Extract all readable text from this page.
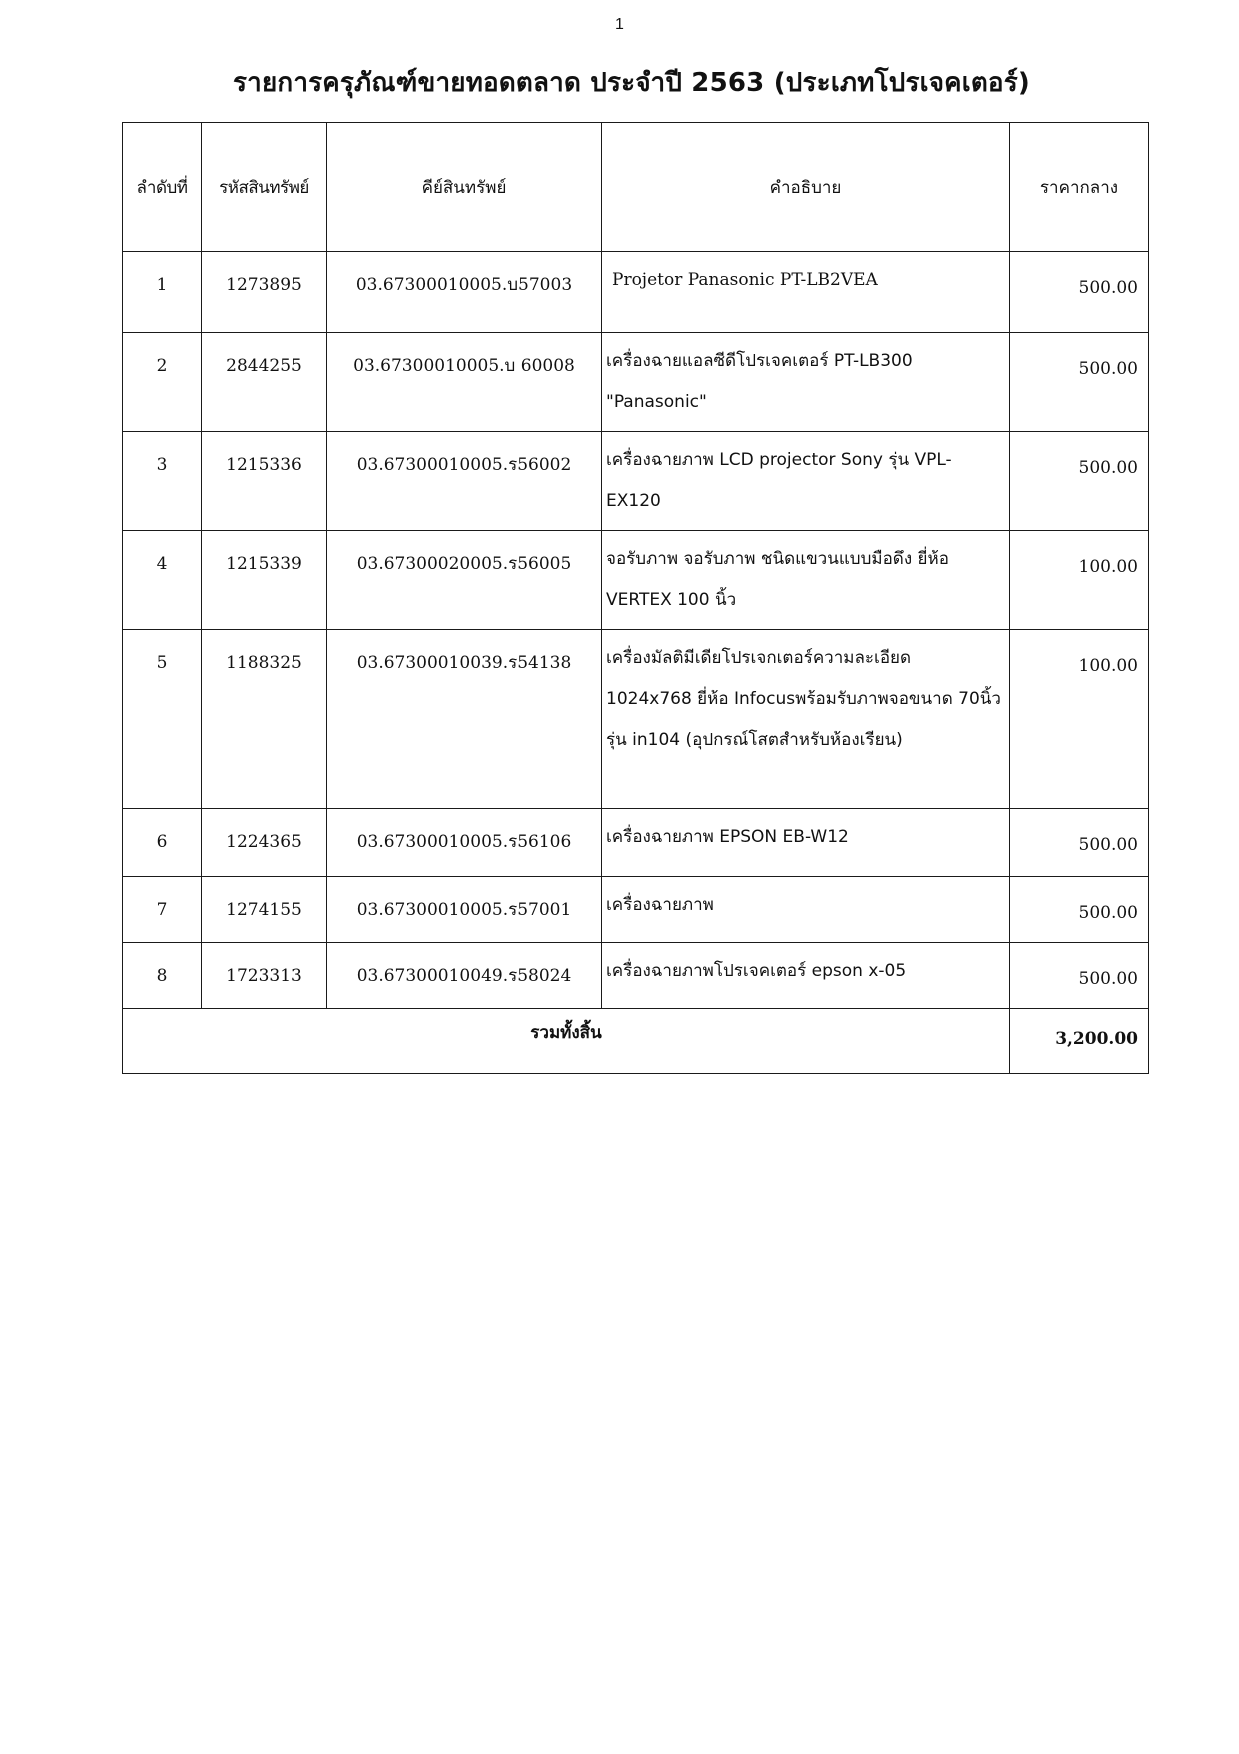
1
รายการครุภัณฑ์ขายทอดตลาด ประจำปี 2563 (ประเภทโปรเจคเตอร์)
ลำดับที่	รหัสสินทรัพย์	คีย์สินทรัพย์	คำอธิบาย	ราคากลาง

1	1273895	03.67300010005.บ57003	Projetor Panasonic PT-LB2VEA	500.00

2	2844255	03.67300010005.บ 60008	เครื่องฉายแอลซีดีโปรเจคเตอร์ PT-LB300 "Panasonic"	500.00

3	1215336	03.67300010005.ร56002	เครื่องฉายภาพ LCD projector Sony รุ่น VPL-EX120	500.00

4	1215339	03.67300020005.ร56005	จอรับภาพ จอรับภาพ ชนิดแขวนแบบมือดึง ยี่ห้อ VERTEX 100 นิ้ว	100.00

5	1188325	03.67300010039.ร54138	เครื่องมัลติมีเดียโปรเจกเตอร์ความละเอียด 1024x768 ยี่ห้อ Infocusพร้อมรับภาพจอขนาด 70นิ้ว รุ่น in104 (อุปกรณ์โสตสำหรับห้องเรียน)	100.00

6	1224365	03.67300010005.ร56106	เครื่องฉายภาพ EPSON EB-W12	500.00

7	1274155	03.67300010005.ร57001	เครื่องฉายภาพ	500.00

8	1723313	03.67300010049.ร58024	เครื่องฉายภาพโปรเจคเตอร์ epson x-05	500.00

รวมทั้งสิ้น				3,200.00
